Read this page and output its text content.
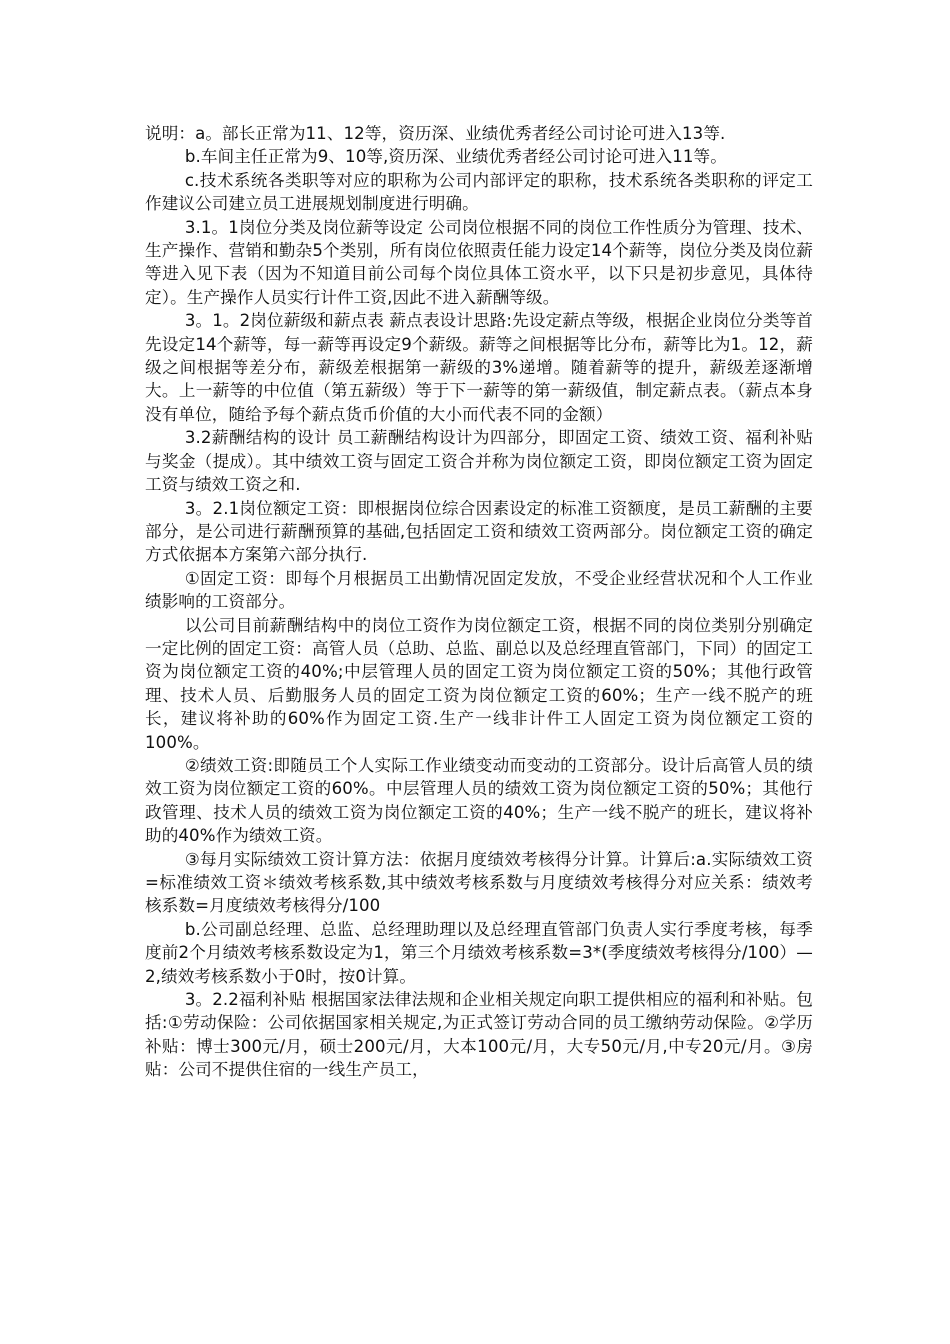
说明：a。部长正常为11、12等，资历深、业绩优秀者经公司讨论可进入13等.

b.车间主任正常为9、10等,资历深、业绩优秀者经公司讨论可进入11等。

c.技术系统各类职等对应的职称为公司内部评定的职称，技术系统各类职称的评定工作建议公司建立员工进展规划制度进行明确。

3.1。1岗位分类及岗位薪等设定 公司岗位根据不同的岗位工作性质分为管理、技术、生产操作、营销和勤杂5个类别，所有岗位依照责任能力设定14个薪等，岗位分类及岗位薪等进入见下表（因为不知道目前公司每个岗位具体工资水平，以下只是初步意见，具体待定）。生产操作人员实行计件工资,因此不进入薪酬等级。

3。1。2岗位薪级和薪点表 薪点表设计思路:先设定薪点等级，根据企业岗位分类等首先设定14个薪等，每一薪等再设定9个薪级。薪等之间根据等比分布，薪等比为1。12，薪级之间根据等差分布，薪级差根据第一薪级的3%递增。随着薪等的提升，薪级差逐渐增大。上一薪等的中位值（第五薪级）等于下一薪等的第一薪级值，制定薪点表。（薪点本身没有单位，随给予每个薪点货币价值的大小而代表不同的金额）

3.2薪酬结构的设计 员工薪酬结构设计为四部分，即固定工资、绩效工资、福利补贴与奖金（提成）。其中绩效工资与固定工资合并称为岗位额定工资，即岗位额定工资为固定工资与绩效工资之和.

3。2.1岗位额定工资：即根据岗位综合因素设定的标准工资额度，是员工薪酬的主要部分，是公司进行薪酬预算的基础,包括固定工资和绩效工资两部分。岗位额定工资的确定方式依据本方案第六部分执行.

①固定工资：即每个月根据员工出勤情况固定发放，不受企业经营状况和个人工作业绩影响的工资部分。

以公司目前薪酬结构中的岗位工资作为岗位额定工资，根据不同的岗位类别分别确定一定比例的固定工资：高管人员（总助、总监、副总以及总经理直管部门，下同）的固定工资为岗位额定工资的40%;中层管理人员的固定工资为岗位额定工资的50%；其他行政管理、技术人员、后勤服务人员的固定工资为岗位额定工资的60%；生产一线不脱产的班长，建议将补助的60%作为固定工资.生产一线非计件工人固定工资为岗位额定工资的100%。

②绩效工资:即随员工个人实际工作业绩变动而变动的工资部分。设计后高管人员的绩效工资为岗位额定工资的60%。中层管理人员的绩效工资为岗位额定工资的50%；其他行政管理、技术人员的绩效工资为岗位额定工资的40%；生产一线不脱产的班长，建议将补助的40%作为绩效工资。

③每月实际绩效工资计算方法：依据月度绩效考核得分计算。计算后:a.实际绩效工资=标准绩效工资＊绩效考核系数,其中绩效考核系数与月度绩效考核得分对应关系：绩效考核系数=月度绩效考核得分/100

b.公司副总经理、总监、总经理助理以及总经理直管部门负责人实行季度考核，每季度前2个月绩效考核系数设定为1，第三个月绩效考核系数=3*(季度绩效考核得分/100）—2,绩效考核系数小于0时，按0计算。

3。2.2福利补贴 根据国家法律法规和企业相关规定向职工提供相应的福利和补贴。包括:①劳动保险：公司依据国家相关规定,为正式签订劳动合同的员工缴纳劳动保险。②学历补贴：博士300元/月，硕士200元/月，大本100元/月，大专50元/月,中专20元/月。③房贴：公司不提供住宿的一线生产员工，
